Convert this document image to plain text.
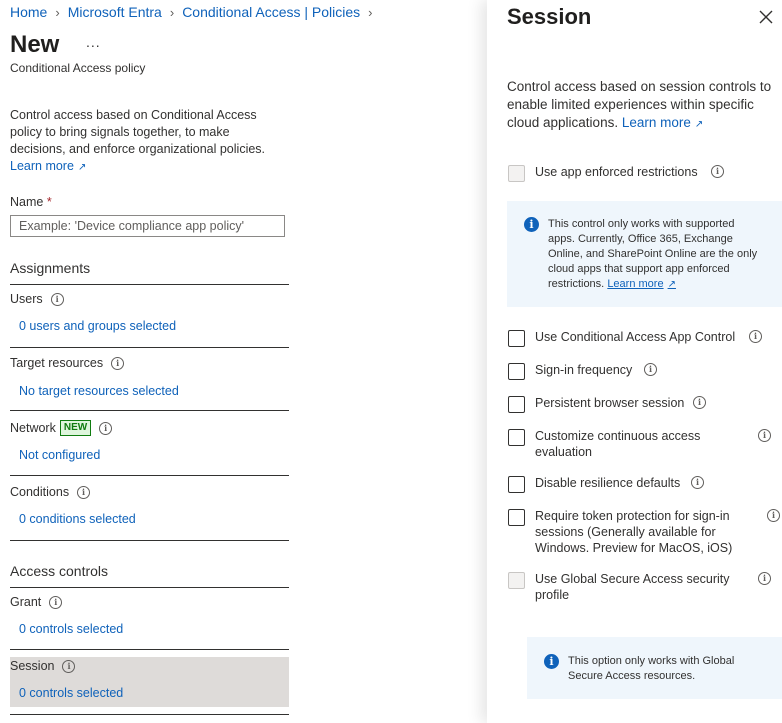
Home › Microsoft Entra › Conditional Access | Policies ›
New ...
Conditional Access policy
Control access based on Conditional Access policy to bring signals together, to make decisions, and enforce organizational policies.
Learn more ↗
Name *
Example: 'Device compliance app policy'
Assignments
Users	i
0 users and groups selected
Target resources	i
No target resources selected
Network NEW	i
Not configured
Conditions	i
0 conditions selected
Access controls
Grant	i
0 controls selected
Session	i
0 controls selected
Session
Control access based on session controls to enable limited experiences within specific cloud applications. Learn more ↗
Use app enforced restrictions	i
i	This control only works with supported apps. Currently, Office 365, Exchange Online, and SharePoint Online are the only cloud apps that support app enforced restrictions. Learn more ↗
Use Conditional Access App Control	i
Sign-in frequency	i
Persistent browser session	i
Customize continuous access evaluation
i
Disable resilience defaults	i
Require token protection for sign-in sessions (Generally available for Windows. Preview for MacOS, iOS)
i
Use Global Secure Access security profile
i
i	This option only works with Global Secure Access resources.
